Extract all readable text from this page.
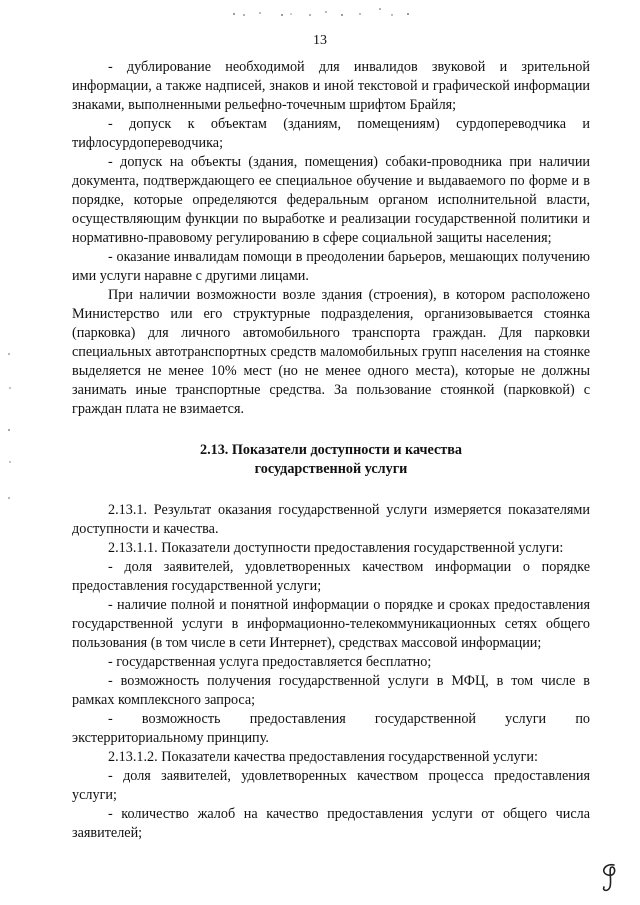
13

- дублирование необходимой для инвалидов звуковой и зрительной информации, а также надписей, знаков и иной текстовой и графической информации знаками, выполненными рельефно-точечным шрифтом Брайля;

- допуск к объектам (зданиям, помещениям) сурдопереводчика и тифлосурдопереводчика;

- допуск на объекты (здания, помещения) собаки-проводника при наличии документа, подтверждающего ее специальное обучение и выдаваемого по форме и в порядке, которые определяются федеральным органом исполнительной власти, осуществляющим функции по выработке и реализации государственной политики и нормативно-правовому регулированию в сфере социальной защиты населения;

- оказание инвалидам помощи в преодолении барьеров, мешающих получению ими услуги наравне с другими лицами.

При наличии возможности возле здания (строения), в котором расположено Министерство или его структурные подразделения, организовывается стоянка (парковка) для личного автомобильного транспорта граждан. Для парковки специальных автотранспортных средств маломобильных групп населения на стоянке выделяется не менее 10% мест (но не менее одного места), которые не должны занимать иные транспортные средства. За пользование стоянкой (парковкой) с граждан плата не взимается.

2.13. Показатели доступности и качества
государственной услуги

2.13.1. Результат оказания государственной услуги измеряется показателями доступности и качества.

2.13.1.1. Показатели доступности предоставления государственной услуги:

- доля заявителей, удовлетворенных качеством информации о порядке предоставления государственной услуги;

- наличие полной и понятной информации о порядке и сроках предоставления государственной услуги в информационно-телекоммуникационных сетях общего пользования (в том числе в сети Интернет), средствах массовой информации;

- государственная услуга предоставляется бесплатно;

- возможность получения государственной услуги в МФЦ, в том числе в рамках комплексного запроса;

- возможность предоставления государственной услуги по экстерриториальному принципу.

2.13.1.2. Показатели качества предоставления государственной услуги:

- доля заявителей, удовлетворенных качеством процесса предоставления услуги;

- количество жалоб на качество предоставления услуги от общего числа заявителей;
